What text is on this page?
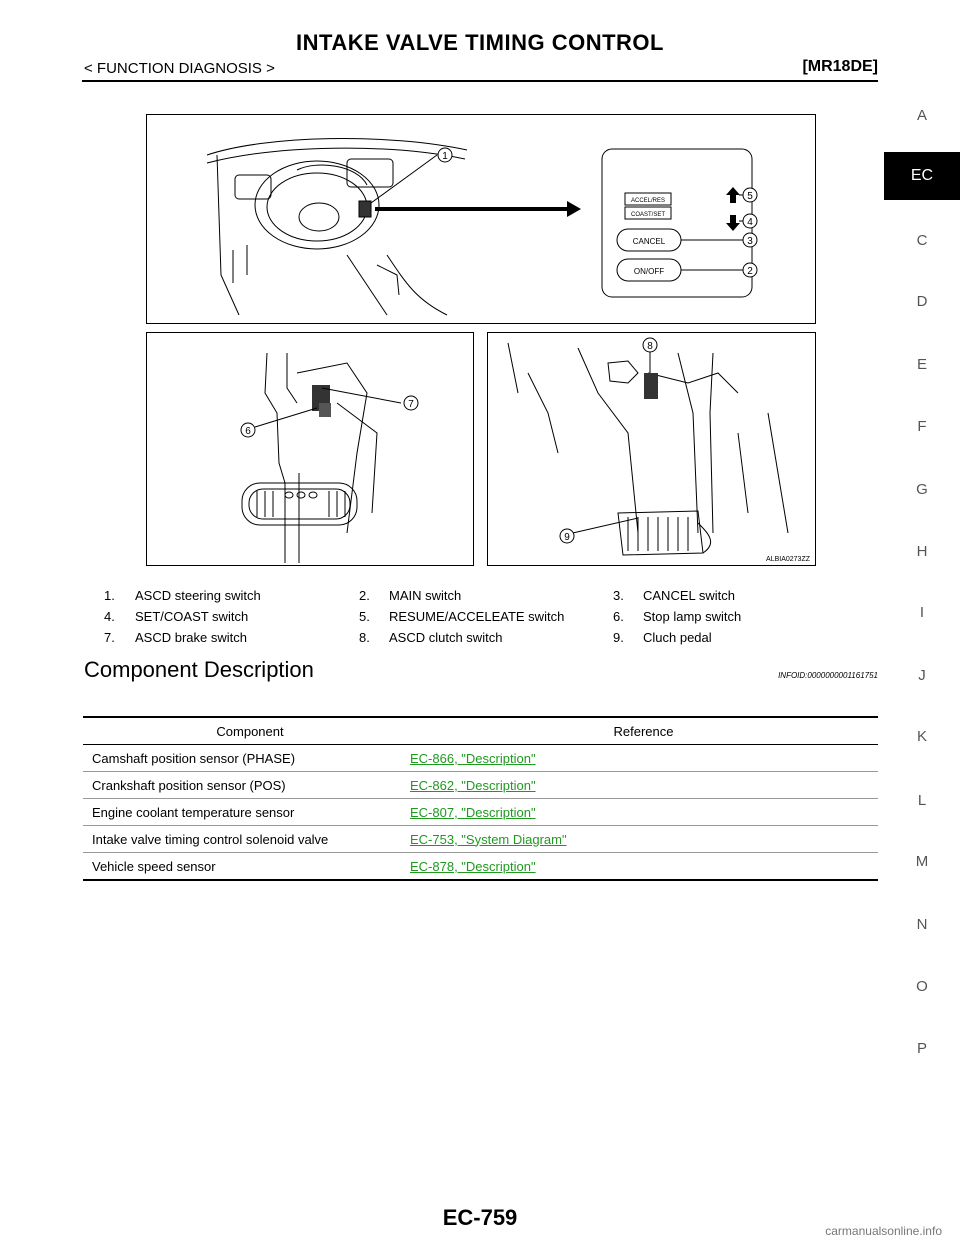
INTAKE VALVE TIMING CONTROL
< FUNCTION DIAGNOSIS >	[MR18DE]
A
EC
C
D
E
F
G
H
I
J
K
L
M
N
O
P
ACCEL/RES
COAST/SET
CANCEL
ON/OFF
1
5
4
3
2
7
6
8
9
ALBIA0273ZZ
1. ASCD steering switch	2. MAIN switch	3. CANCEL switch
4. SET/COAST switch	5. RESUME/ACCELEATE switch	6. Stop lamp switch
7. ASCD brake switch	8. ASCD clutch switch	9. Cluch pedal
Component Description	INFOID:0000000001161751
Component	Reference
Camshaft position sensor (PHASE)	EC-866, "Description"
Crankshaft position sensor (POS)	EC-862, "Description"
Engine coolant temperature sensor	EC-807, "Description"
Intake valve timing control solenoid valve	EC-753, "System Diagram"
Vehicle speed sensor	EC-878, "Description"
EC-759
carmanualsonline.info
